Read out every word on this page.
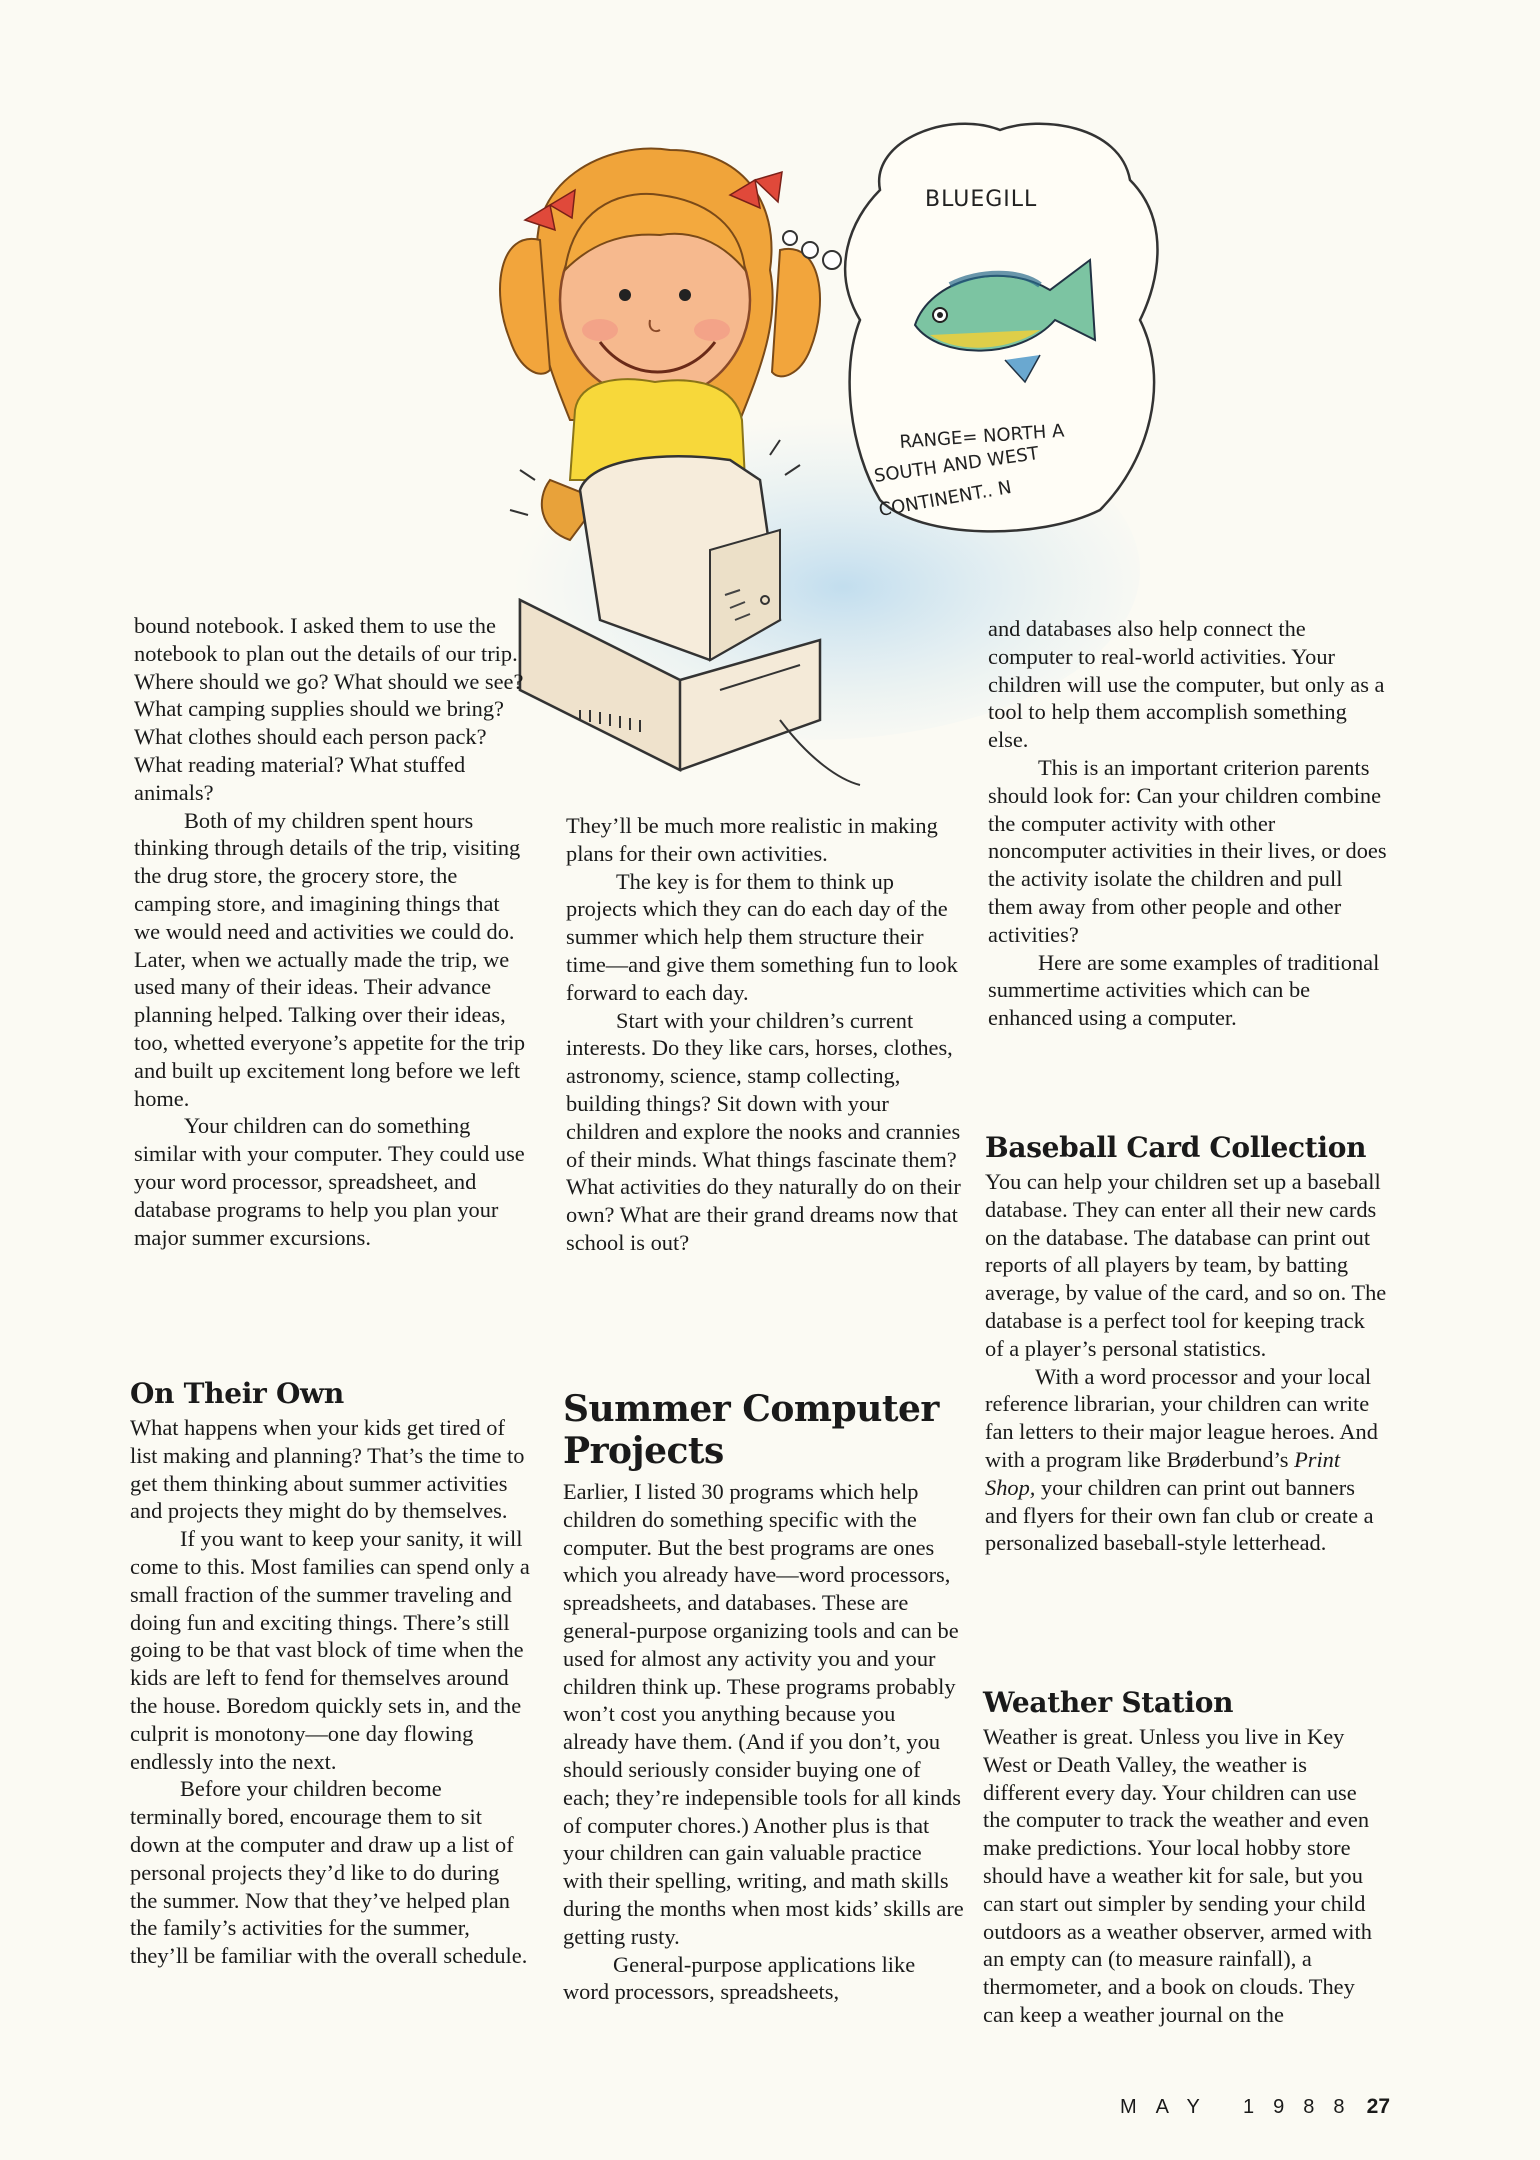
BLUEGILL
RANGE= NORTH A
SOUTH AND WEST
CONTINENT.. N

bound notebook. I asked them to use the notebook to plan out the details of our trip. Where should we go? What should we see? What camping supplies should we bring? What clothes should each person pack? What reading material? What stuffed animals?

Both of my children spent hours thinking through details of the trip, visiting the drug store, the grocery store, the camping store, and imagining things that we would need and activities we could do. Later, when we actually made the trip, we used many of their ideas. Their advance planning helped. Talking over their ideas, too, whetted everyone’s appetite for the trip and built up excitement long before we left home.

Your children can do something similar with your computer. They could use your word processor, spreadsheet, and database programs to help you plan your major summer excursions.

On Their Own

What happens when your kids get tired of list making and planning? That’s the time to get them thinking about summer activities and projects they might do by themselves.

If you want to keep your sanity, it will come to this. Most families can spend only a small fraction of the summer traveling and doing fun and exciting things. There’s still going to be that vast block of time when the kids are left to fend for themselves around the house. Boredom quickly sets in, and the culprit is monotony—one day flowing endlessly into the next.

Before your children become terminally bored, encourage them to sit down at the computer and draw up a list of personal projects they’d like to do during the summer. Now that they’ve helped plan the family’s activities for the summer, they’ll be familiar with the overall schedule.

They’ll be much more realistic in making plans for their own activities.

The key is for them to think up projects which they can do each day of the summer which help them structure their time—and give them something fun to look forward to each day.

Start with your children’s current interests. Do they like cars, horses, clothes, astronomy, science, stamp collecting, building things? Sit down with your children and explore the nooks and crannies of their minds. What things fascinate them? What activities do they naturally do on their own? What are their grand dreams now that school is out?

Summer Computer Projects

Earlier, I listed 30 programs which help children do something specific with the computer. But the best programs are ones which you already have—word processors, spreadsheets, and databases. These are general-purpose organizing tools and can be used for almost any activity you and your children think up. These programs probably won’t cost you anything because you already have them. (And if you don’t, you should seriously consider buying one of each; they’re indepensible tools for all kinds of computer chores.) Another plus is that your children can gain valuable practice with their spelling, writing, and math skills during the months when most kids’ skills are getting rusty.

General-purpose applications like word processors, spreadsheets,

and databases also help connect the computer to real-world activities. Your children will use the computer, but only as a tool to help them accomplish something else.

This is an important criterion parents should look for: Can your children combine the computer activity with other noncomputer activities in their lives, or does the activity isolate the children and pull them away from other people and other activities?

Here are some examples of traditional summertime activities which can be enhanced using a computer.

Baseball Card Collection

You can help your children set up a baseball database. They can enter all their new cards on the database. The database can print out reports of all players by team, by batting average, by value of the card, and so on. The database is a perfect tool for keeping track of a player’s personal statistics.

With a word processor and your local reference librarian, your children can write fan letters to their major league heroes. And with a program like Brøderbund’s Print Shop, your children can print out banners and flyers for their own fan club or create a personalized baseball-style letterhead.

Weather Station

Weather is great. Unless you live in Key West or Death Valley, the weather is different every day. Your children can use the computer to track the weather and even make predictions. Your local hobby store should have a weather kit for sale, but you can start out simpler by sending your child outdoors as a weather observer, armed with an empty can (to measure rainfall), a thermometer, and a book on clouds. They can keep a weather journal on the

MAY 1988 27
